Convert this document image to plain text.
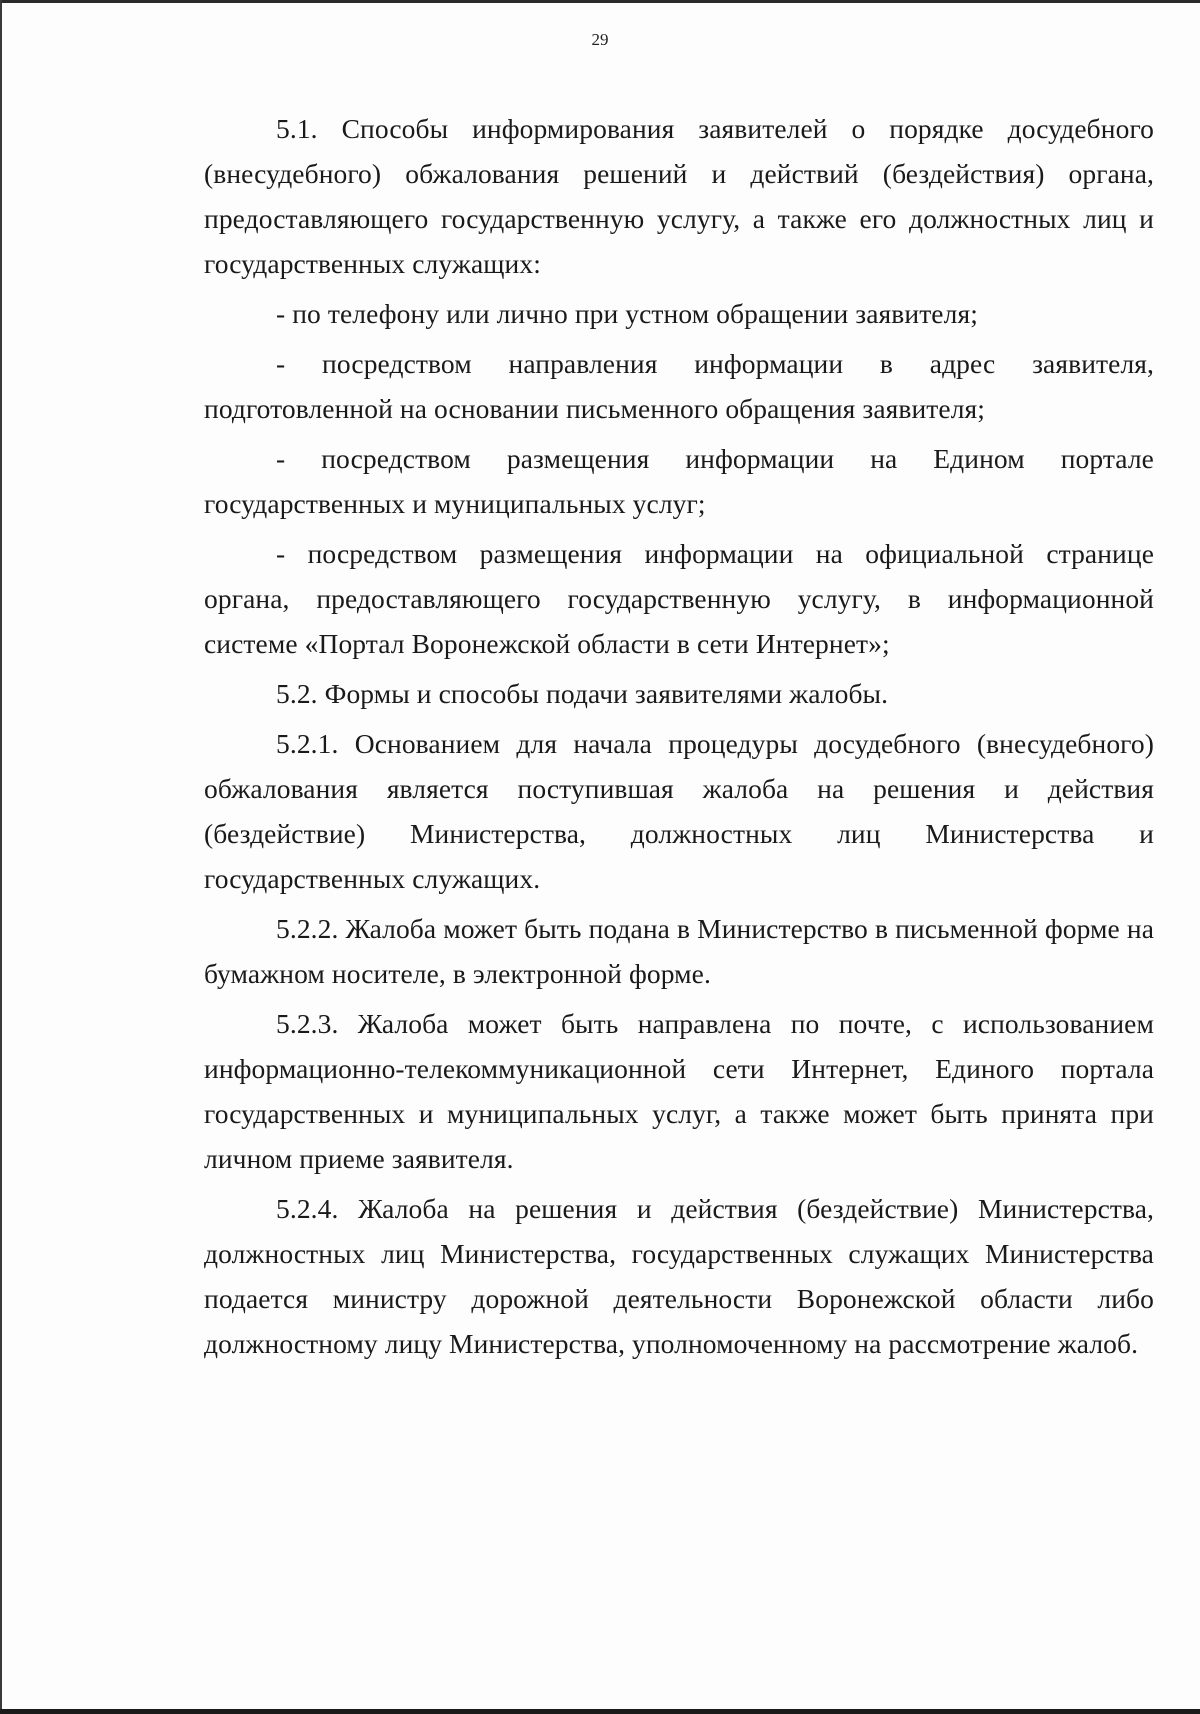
29

5.1. Способы информирования заявителей о порядке досудебного (внесудебного) обжалования решений и действий (бездействия) органа, предоставляющего государственную услугу, а также его должностных лиц и государственных служащих:

- по телефону или лично при устном обращении заявителя;

- посредством направления информации в адрес заявителя, подготовленной на основании письменного обращения заявителя;

- посредством размещения информации на Едином портале государственных и муниципальных услуг;

- посредством размещения информации на официальной странице органа, предоставляющего государственную услугу, в информационной системе «Портал Воронежской области в сети Интернет»;

5.2. Формы и способы подачи заявителями жалобы.

5.2.1. Основанием для начала процедуры досудебного (внесудебного) обжалования является поступившая жалоба на решения и действия (бездействие) Министерства, должностных лиц Министерства и государственных служащих.

5.2.2. Жалоба может быть подана в Министерство в письменной форме на бумажном носителе, в электронной форме.

5.2.3. Жалоба может быть направлена по почте, с использованием информационно-телекоммуникационной сети Интернет, Единого портала государственных и муниципальных услуг, а также может быть принята при личном приеме заявителя.

5.2.4. Жалоба на решения и действия (бездействие) Министерства, должностных лиц Министерства, государственных служащих Министерства подается министру дорожной деятельности Воронежской области либо должностному лицу Министерства, уполномоченному на рассмотрение жалоб.
